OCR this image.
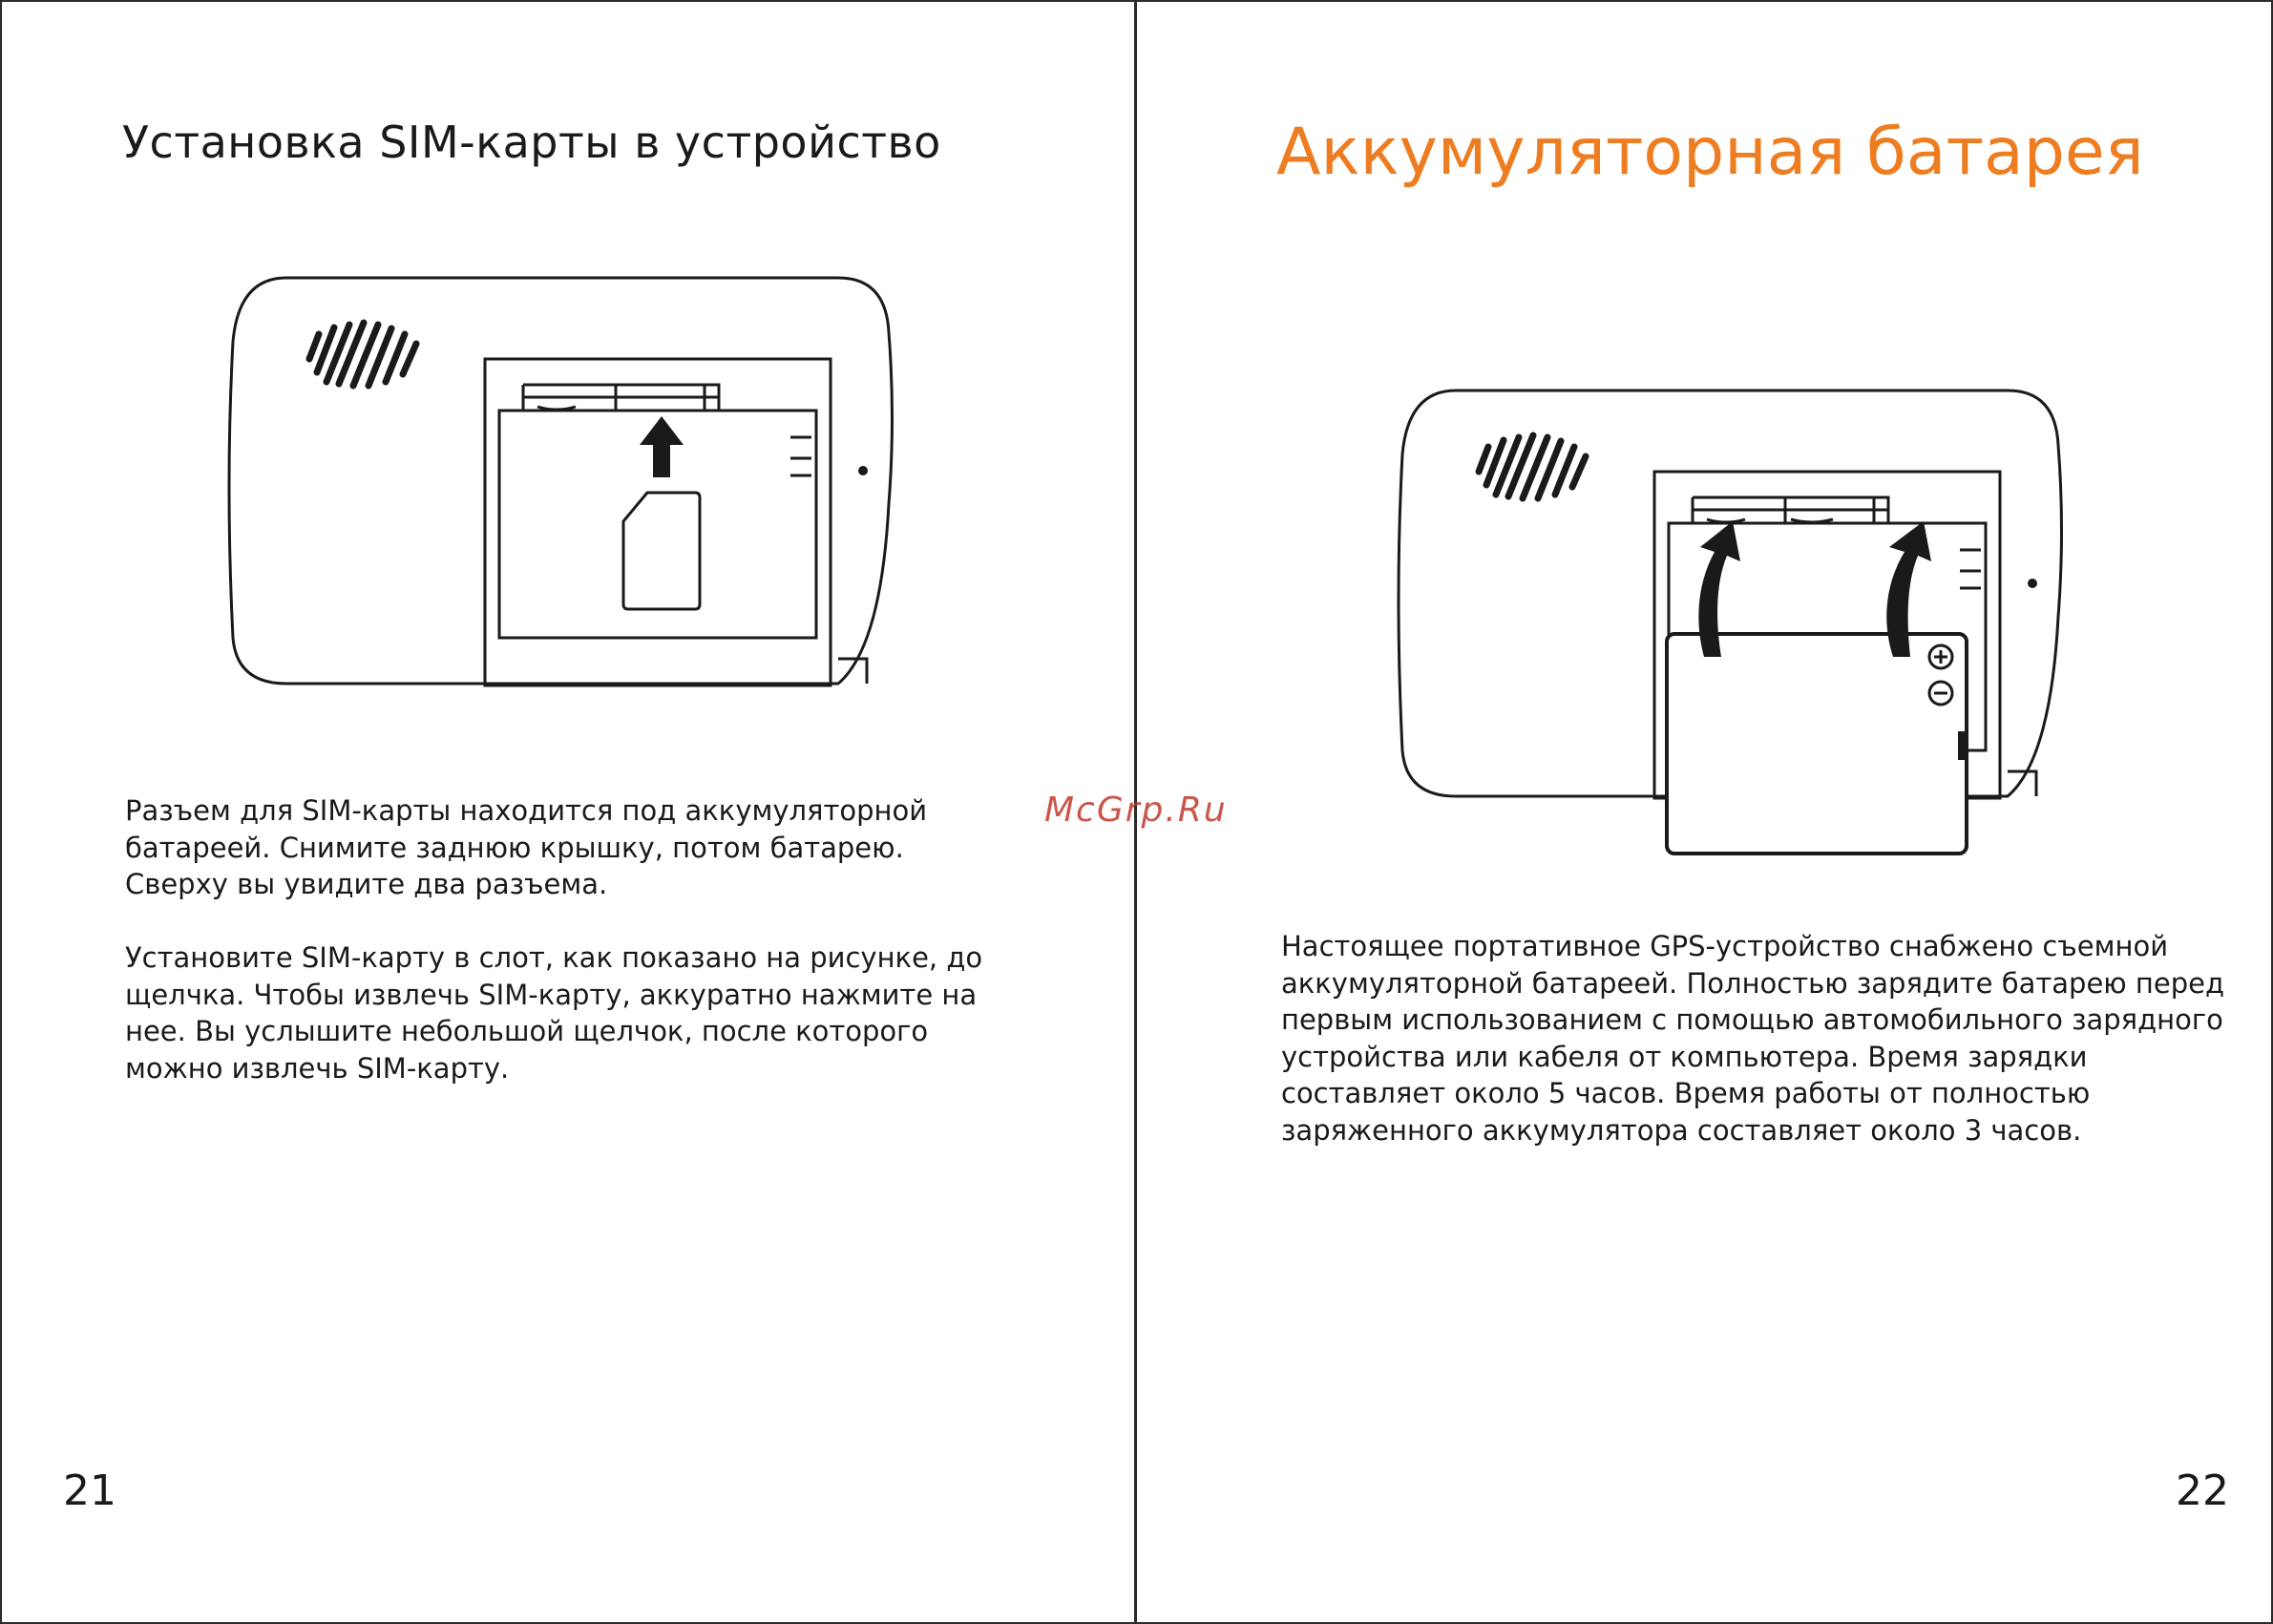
Установка SIM-карты в устройство

Разъем для SIM-карты находится под аккумуляторной батареей. Снимите заднюю крышку, потом батарею. Сверху вы увидите два разъема.

Установите SIM-карту в слот, как показано на рисунке, до щелчка. Чтобы извлечь SIM-карту, аккуратно нажмите на нее. Вы услышите небольшой щелчок, после которого можно извлечь SIM-карту.

21
Аккумуляторная батарея

Настоящее портативное GPS-устройство снабжено съемной аккумуляторной батареей. Полностью зарядите батарею перед первым использованием с помощью автомобильного зарядного устройства или кабеля от компьютера. Время зарядки составляет около 5 часов. Время работы от полностью заряженного аккумулятора составляет около 3 часов.

22
McGrp.Ru
